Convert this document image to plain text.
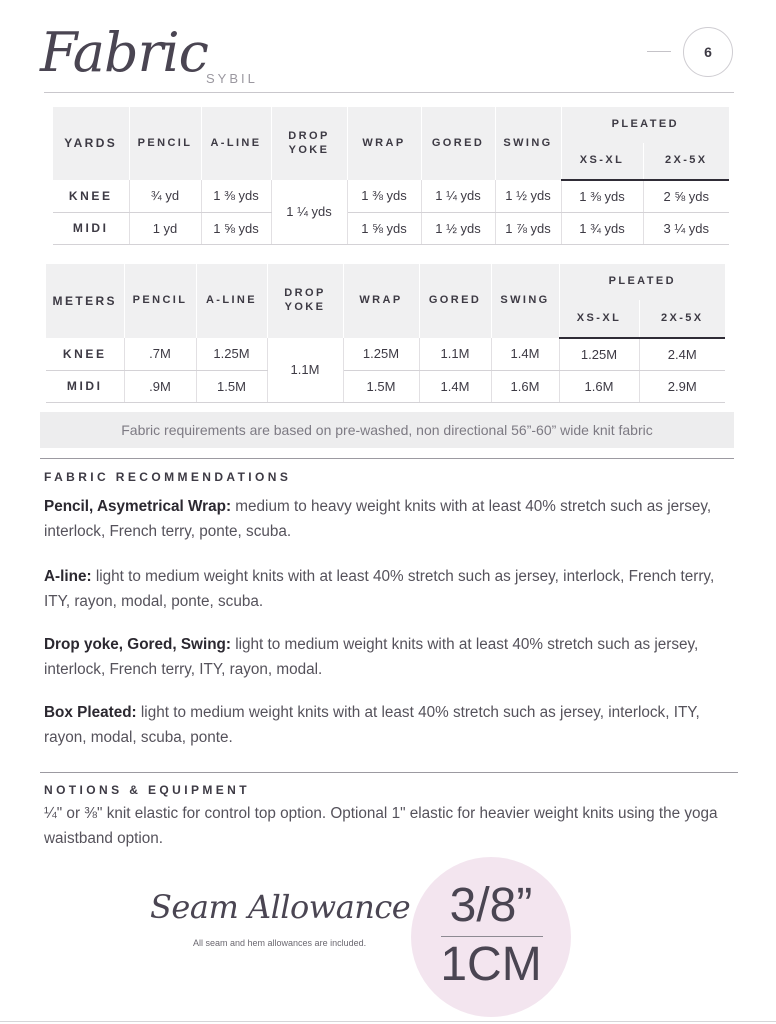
Fabric
SYBIL
6
YARDS	PENCIL	A-LINE	DROP YOKE	WRAP	GORED	SWING	PLEATED	
							XS-XL	2X-5X
KNEE	¾ yd	1 ⅜ yds	1 ¼ yds	1 ⅜ yds	1 ¼ yds	1 ½ yds	1 ⅜ yds	2 ⅝ yds
MIDI	1 yd	1 ⅝ yds		1 ⅝ yds	1 ½ yds	1 ⅞ yds	1 ¾ yds	3 ¼ yds
METERS	PENCIL	A-LINE	DROP YOKE	WRAP	GORED	SWING	PLEATED	
							XS-XL	2X-5X
KNEE	.7M	1.25M	1.1M	1.25M	1.1M	1.4M	1.25M	2.4M
MIDI	.9M	1.5M		1.5M	1.4M	1.6M	1.6M	2.9M
Fabric requirements are based on pre-washed, non directional 56”-60” wide knit fabric
FABRIC RECOMMENDATIONS
Pencil, Asymetrical Wrap: medium to heavy weight knits with at least 40% stretch such as jersey, interlock, French terry, ponte, scuba.
A-line: light to medium weight knits with at least 40% stretch such as jersey, interlock, French terry, ITY, rayon, modal, ponte, scuba.
Drop yoke, Gored, Swing: light to medium weight knits with at least 40% stretch such as jersey, interlock, French terry, ITY, rayon, modal.
Box Pleated: light to medium weight knits with at least 40% stretch such as jersey, interlock, ITY, rayon, modal, scuba, ponte.
NOTIONS & EQUIPMENT
¼" or ⅜" knit elastic for control top option. Optional 1" elastic for heavier weight knits using the yoga waistband option.
Seam Allowance
All seam and hem allowances are included.
3/8”
1CM
